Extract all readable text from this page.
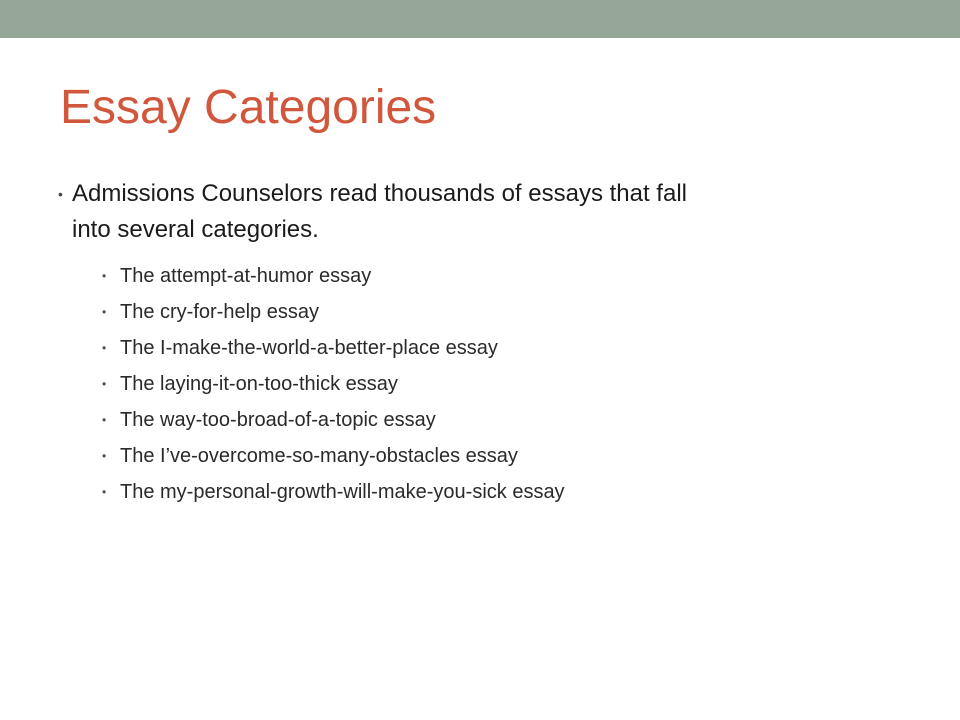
Essay Categories
• Admissions Counselors read thousands of essays that fall into several categories.
• The attempt-at-humor essay
• The cry-for-help essay
• The I-make-the-world-a-better-place essay
• The laying-it-on-too-thick essay
• The way-too-broad-of-a-topic essay
• The I’ve-overcome-so-many-obstacles essay
• The my-personal-growth-will-make-you-sick essay
